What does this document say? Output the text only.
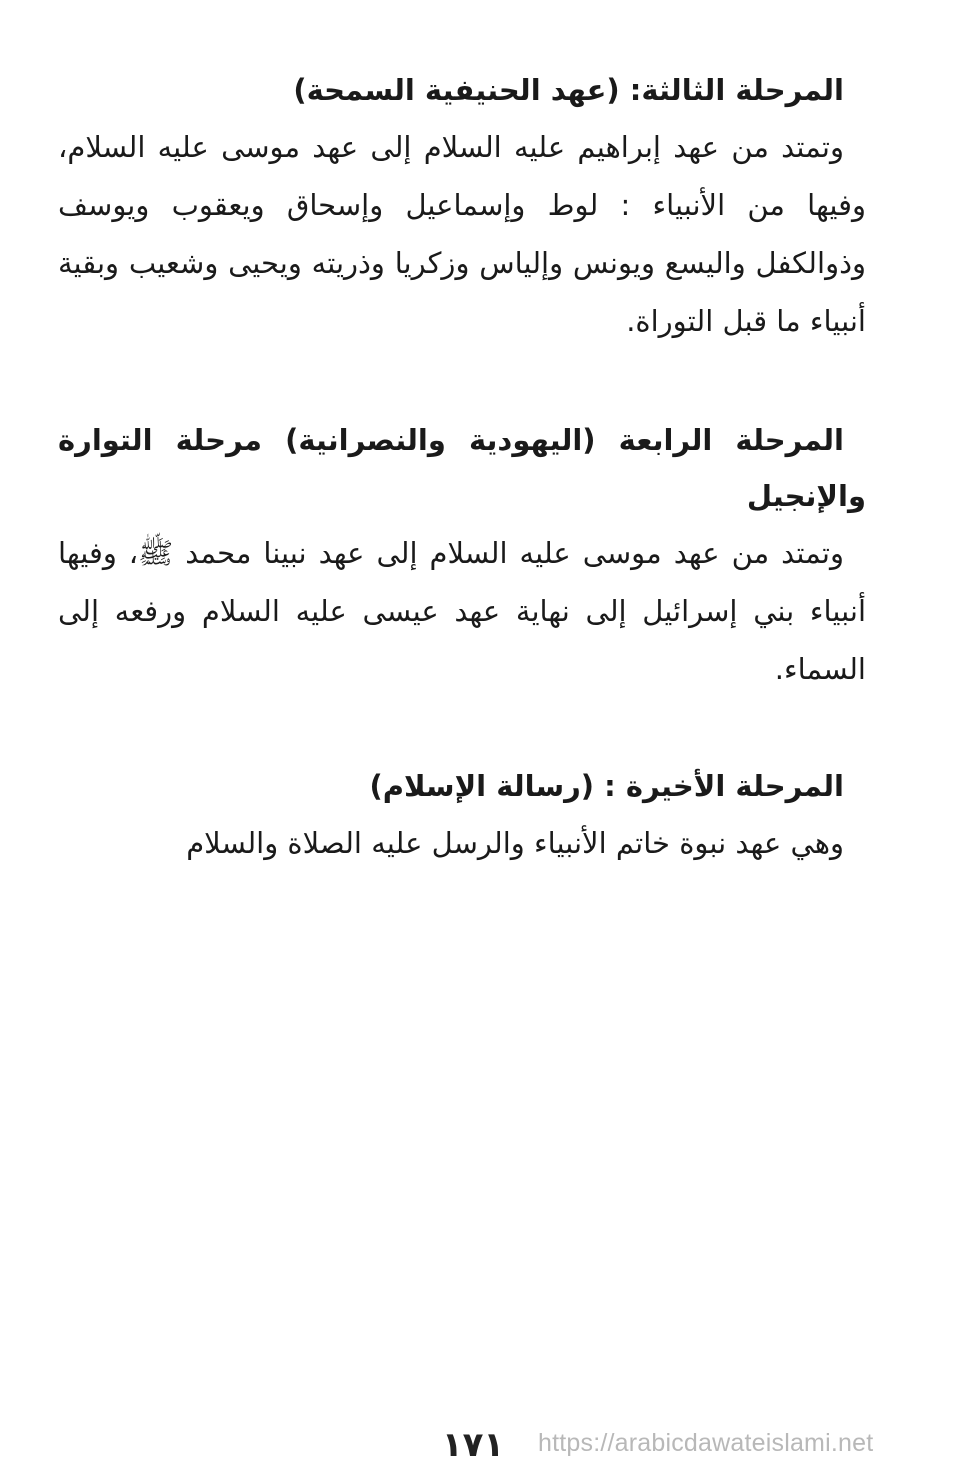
المرحلة الثالثة: (عهد الحنيفية السمحة)

وتمتد من عهد إبراهيم عليه السلام إلى عهد موسى عليه السلام، وفيها من الأنبياء : لوط وإسماعيل وإسحاق ويعقوب ويوسف وذوالكفل واليسع ويونس وإلياس وزكريا وذريته ويحيى وشعيب وبقية أنبياء ما قبل التوراة.

المرحلة الرابعة (اليهودية والنصرانية) مرحلة التوارة والإنجيل

وتمتد من عهد موسى عليه السلام إلى عهد نبينا محمد ﷺ، وفيها أنبياء بني إسرائيل إلى نهاية عهد عيسى عليه السلام ورفعه إلى السماء.

المرحلة الأخيرة : (رسالة الإسلام)

وهي عهد نبوة خاتم الأنبياء والرسل عليه الصلاة والسلام

١٧١	https://arabicdawateislami.net
